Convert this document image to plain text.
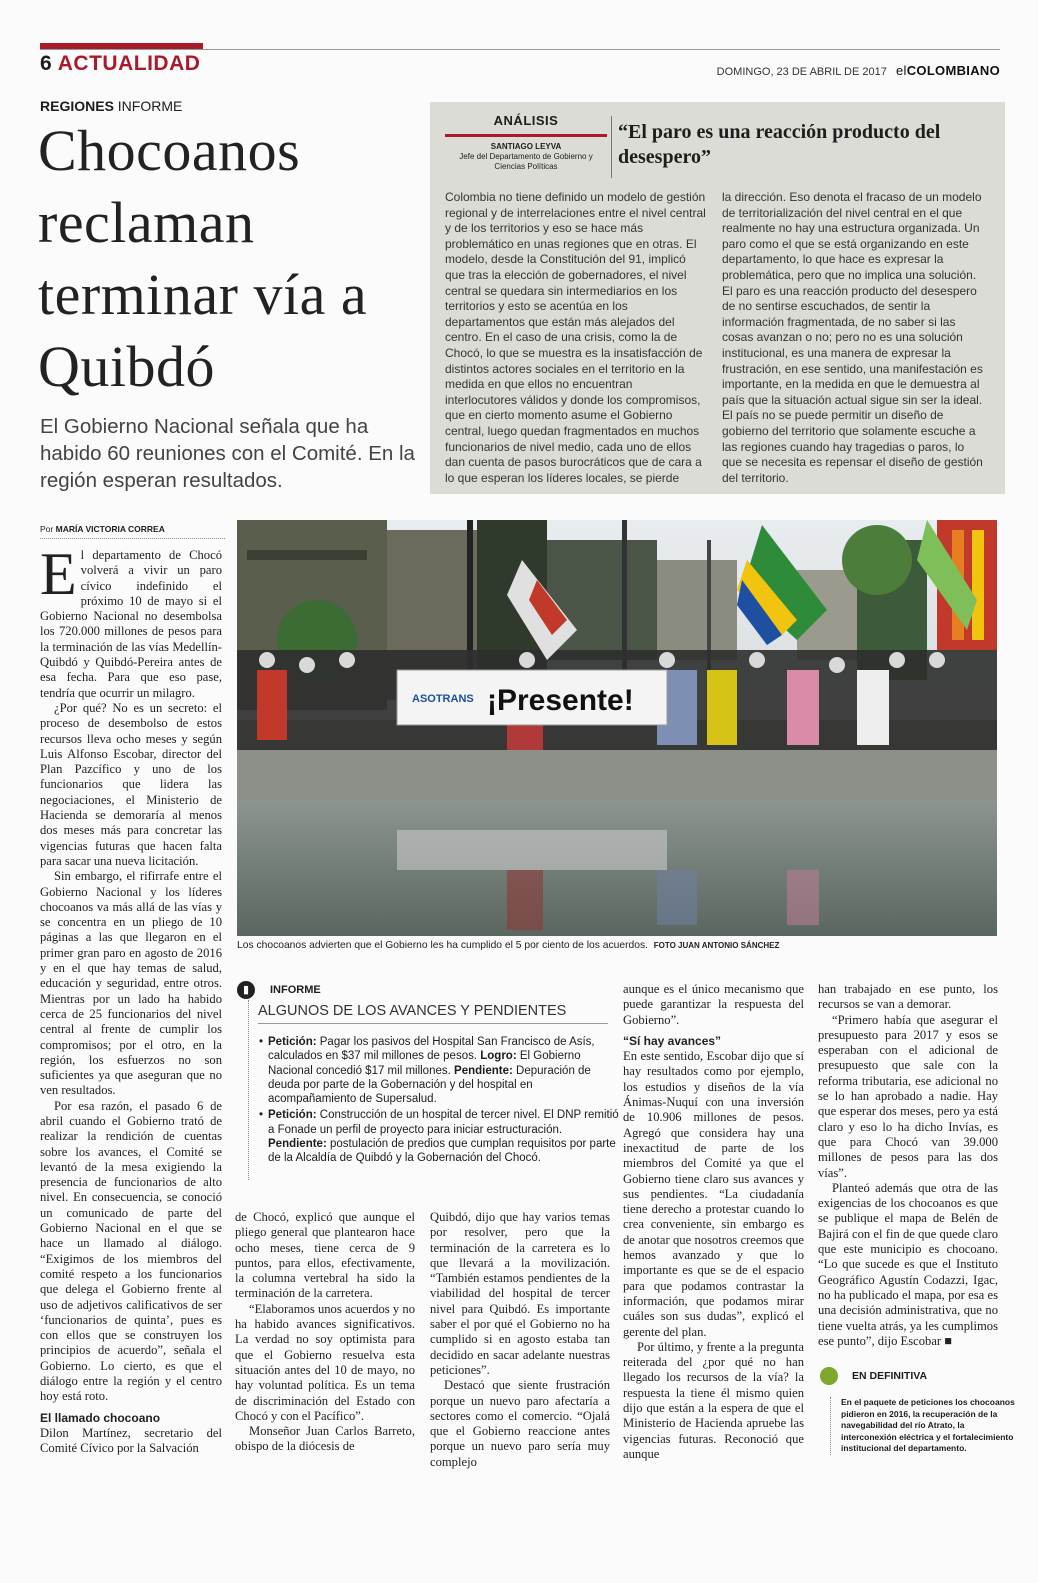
6 ACTUALIDAD	DOMINGO, 23 DE ABRIL DE 2017 elCOLOMBIANO
REGIONES INFORME
Chocoanos reclaman terminar vía a Quibdó
El Gobierno Nacional señala que ha habido 60 reuniones con el Comité. En la región esperan resultados.
ANÁLISIS
SANTIAGO LEYVA
Jefe del Departamento de Gobierno y Ciencias Políticas
“El paro es una reacción producto del desespero”
Colombia no tiene definido un modelo de gestión regional y de interrelaciones entre el nivel central y de los territorios y eso se hace más problemático en unas regiones que en otras. El modelo, desde la Constitución del 91, implicó que tras la elección de gobernadores, el nivel central se quedara sin intermediarios en los territorios y esto se acentúa en los departamentos que están más alejados del centro. En el caso de una crisis, como la de Chocó, lo que se muestra es la insatisfacción de distintos actores sociales en el territorio en la medida en que ellos no encuentran interlocutores válidos y donde los compromisos, que en cierto momento asume el Gobierno central, luego quedan fragmentados en muchos funcionarios de nivel medio, cada uno de ellos dan cuenta de pasos burocráticos que de cara a lo que esperan los líderes locales, se pierde
la dirección. Eso denota el fracaso de un modelo de territorialización del nivel central en el que realmente no hay una estructura organizada. Un paro como el que se está organizando en este departamento, lo que hace es expresar la problemática, pero que no implica una solución. El paro es una reacción producto del desespero de no sentirse escuchados, de sentir la información fragmentada, de no saber si las cosas avanzan o no; pero no es una solución institucional, es una manera de expresar la frustración, en ese sentido, una manifestación es importante, en la medida en que le demuestra al país que la situación actual sigue sin ser la ideal. El país no se puede permitir un diseño de gobierno del territorio que solamente escuche a las regiones cuando hay tragedias o paros, lo que se necesita es repensar el diseño de gestión del territorio.
Por MARÍA VICTORIA CORREA

El departamento de Chocó volverá a vivir un paro cívico indefinido el próximo 10 de mayo si el Gobierno Nacional no desembolsa los 720.000 millones de pesos para la terminación de las vías Medellín-Quibdó y Quibdó-Pereira antes de esa fecha. Para que eso pase, tendría que ocurrir un milagro.

¿Por qué? No es un secreto: el proceso de desembolso de estos recursos lleva ocho meses y según Luis Alfonso Escobar, director del Plan Pazcífico y uno de los funcionarios que lidera las negociaciones, el Ministerio de Hacienda se demoraría al menos dos meses más para concretar las vigencias futuras que hacen falta para sacar una nueva licitación.

Sin embargo, el rifirrafe entre el Gobierno Nacional y los líderes chocoanos va más allá de las vías y se concentra en un pliego de 10 páginas a las que llegaron en el primer gran paro en agosto de 2016 y en el que hay temas de salud, educación y seguridad, entre otros. Mientras por un lado ha habido cerca de 25 funcionarios del nivel central al frente de cumplir los compromisos; por el otro, en la región, los esfuerzos no son suficientes ya que aseguran que no ven resultados.

Por esa razón, el pasado 6 de abril cuando el Gobierno trató de realizar la rendición de cuentas sobre los avances, el Comité se levantó de la mesa exigiendo la presencia de funcionarios de alto nivel. En consecuencia, se conoció un comunicado de parte del Gobierno Nacional en el que se hace un llamado al diálogo. “Exigimos de los miembros del comité respeto a los funcionarios que delega el Gobierno frente al uso de adjetivos calificativos de ser ‘funcionarios de quinta’, pues es con ellos que se construyen los principios de acuerdo”, señala el Gobierno. Lo cierto, es que el diálogo entre la región y el centro hoy está roto.

El llamado chocoano

Dilon Martínez, secretario del Comité Cívico por la Salvación

ASOTRANS ¡Presente!
Los chocoanos advierten que el Gobierno les ha cumplido el 5 por ciento de los acuerdos. FOTO JUAN ANTONIO SÁNCHEZ
▮	INFORME
ALGUNOS DE LOS AVANCES Y PENDIENTES
• Petición: Pagar los pasivos del Hospital San Francisco de Asís, calculados en $37 mil millones de pesos. Logro: El Gobierno Nacional concedió $17 mil millones. Pendiente: Depuración de deuda por parte de la Gobernación y del hospital en acompañamiento de Supersalud.
• Petición: Construcción de un hospital de tercer nivel. El DNP remitió a Fonade un perfil de proyecto para iniciar estructuración. Pendiente: postulación de predios que cumplan requisitos por parte de la Alcaldía de Quibdó y la Gobernación del Chocó.

de Chocó, explicó que aunque el pliego general que plantearon hace ocho meses, tiene cerca de 9 puntos, para ellos, efectivamente, la columna vertebral ha sido la terminación de la carretera.

“Elaboramos unos acuerdos y no ha habido avances significativos. La verdad no soy optimista para que el Gobierno resuelva esta situación antes del 10 de mayo, no hay voluntad política. Es un tema de discriminación del Estado con Chocó y con el Pacífico”.

Monseñor Juan Carlos Barreto, obispo de la diócesis de

Quibdó, dijo que hay varios temas por resolver, pero que la terminación de la carretera es lo que llevará a la movilización. “También estamos pendientes de la viabilidad del hospital de tercer nivel para Quibdó. Es importante saber el por qué el Gobierno no ha cumplido si en agosto estaba tan decidido en sacar adelante nuestras peticiones”.

Destacó que siente frustración porque un nuevo paro afectaría a sectores como el comercio. “Ojalá que el Gobierno reaccione antes porque un nuevo paro sería muy complejo

aunque es el único mecanismo que puede garantizar la respuesta del Gobierno”.

“Sí hay avances”

En este sentido, Escobar dijo que sí hay resultados como por ejemplo, los estudios y diseños de la vía Ánimas-Nuquí con una inversión de 10.906 millones de pesos. Agregó que considera hay una inexactitud de parte de los miembros del Comité ya que el Gobierno tiene claro sus avances y sus pendientes. “La ciudadanía tiene derecho a protestar cuando lo crea conveniente, sin embargo es de anotar que nosotros creemos que hemos avanzado y que lo importante es que se de el espacio para que podamos contrastar la información, que podamos mirar cuáles son sus dudas”, explicó el gerente del plan.

Por último, y frente a la pregunta reiterada del ¿por qué no han llegado los recursos de la vía? la respuesta la tiene él mismo quien dijo que están a la espera de que el Ministerio de Hacienda apruebe las vigencias futuras. Reconoció que aunque

han trabajado en ese punto, los recursos se van a demorar.

“Primero había que asegurar el presupuesto para 2017 y esos se esperaban con el adicional de presupuesto que sale con la reforma tributaria, ese adicional no se lo han aprobado a nadie. Hay que esperar dos meses, pero ya está claro y eso lo ha dicho Invías, es que para Chocó van 39.000 millones de pesos para las dos vías”.

Planteó además que otra de las exigencias de los chocoanos es que se publique el mapa de Belén de Bajirá con el fin de que quede claro que este municipio es chocoano. “Lo que sucede es que el Instituto Geográfico Agustín Codazzi, Igac, no ha publicado el mapa, por esa es una decisión administrativa, que no tiene vuelta atrás, ya les cumplimos ese punto”, dijo Escobar ■

EN DEFINITIVA
En el paquete de peticiones los chocoanos pidieron en 2016, la recuperación de la navegabilidad del río Atrato, la interconexión eléctrica y el fortalecimiento institucional del departamento.
